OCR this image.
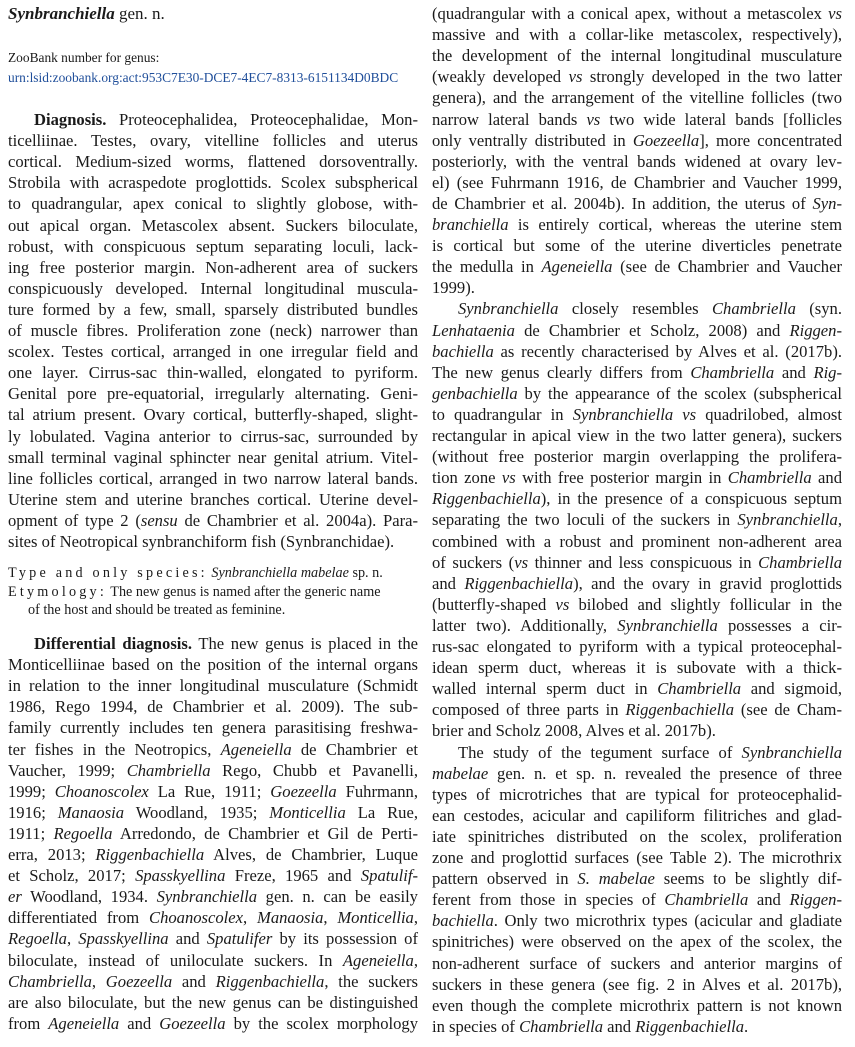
Synbranchiella gen. n.
ZooBank number for genus:
urn:lsid:zoobank.org:act:953C7E30-DCE7-4EC7-8313-6151134D0BDC
Diagnosis. Proteocephalidea, Proteocephalidae, Mon-
ticelliinae. Testes, ovary, vitelline follicles and uterus
cortical. Medium-sized worms, flattened dorsoventrally.
Strobila with acraspedote proglottids. Scolex subspherical
to quadrangular, apex conical to slightly globose, with-
out apical organ. Metascolex absent. Suckers biloculate,
robust, with conspicuous septum separating loculi, lack-
ing free posterior margin. Non-adherent area of suckers
conspicuously developed. Internal longitudinal muscula-
ture formed by a few, small, sparsely distributed bundles
of muscle fibres. Proliferation zone (neck) narrower than
scolex. Testes cortical, arranged in one irregular field and
one layer. Cirrus-sac thin-walled, elongated to pyriform.
Genital pore pre-equatorial, irregularly alternating. Geni-
tal atrium present. Ovary cortical, butterfly-shaped, slight-
ly lobulated. Vagina anterior to cirrus-sac, surrounded by
small terminal vaginal sphincter near genital atrium. Vitel-
line follicles cortical, arranged in two narrow lateral bands.
Uterine stem and uterine branches cortical. Uterine devel-
opment of type 2 (sensu de Chambrier et al. 2004a). Para-
sites of Neotropical synbranchiform fish (Synbranchidae).
Type and only species: Synbranchiella mabelae sp. n.
Etymology: The new genus is named after the generic name
of the host and should be treated as feminine.
Differential diagnosis. The new genus is placed in the
Monticelliinae based on the position of the internal organs
in relation to the inner longitudinal musculature (Schmidt
1986, Rego 1994, de Chambrier et al. 2009). The sub-
family currently includes ten genera parasitising freshwa-
ter fishes in the Neotropics, Ageneiella de Chambrier et
Vaucher, 1999; Chambriella Rego, Chubb et Pavanelli,
1999; Choanoscolex La Rue, 1911; Goezeella Fuhrmann,
1916; Manaosia Woodland, 1935; Monticellia La Rue,
1911; Regoella Arredondo, de Chambrier et Gil de Perti-
erra, 2013; Riggenbachiella Alves, de Chambrier, Luque
et Scholz, 2017; Spasskyellina Freze, 1965 and Spatulif-
er Woodland, 1934. Synbranchiella gen. n. can be easily
differentiated from Choanoscolex, Manaosia, Monticellia,
Regoella, Spasskyellina and Spatulifer by its possession of
biloculate, instead of uniloculate suckers. In Ageneiella,
Chambriella, Goezeella and Riggenbachiella, the suckers
are also biloculate, but the new genus can be distinguished
from Ageneiella and Goezeella by the scolex morphology
(quadrangular with a conical apex, without a metascolex vs
massive and with a collar-like metascolex, respectively),
the development of the internal longitudinal musculature
(weakly developed vs strongly developed in the two latter
genera), and the arrangement of the vitelline follicles (two
narrow lateral bands vs two wide lateral bands [follicles
only ventrally distributed in Goezeella], more concentrated
posteriorly, with the ventral bands widened at ovary lev-
el) (see Fuhrmann 1916, de Chambrier and Vaucher 1999,
de Chambrier et al. 2004b). In addition, the uterus of Syn-
branchiella is entirely cortical, whereas the uterine stem
is cortical but some of the uterine diverticles penetrate
the medulla in Ageneiella (see de Chambrier and Vaucher
1999).
Synbranchiella closely resembles Chambriella (syn.
Lenhataenia de Chambrier et Scholz, 2008) and Riggen-
bachiella as recently characterised by Alves et al. (2017b).
The new genus clearly differs from Chambriella and Rig-
genbachiella by the appearance of the scolex (subspherical
to quadrangular in Synbranchiella vs quadrilobed, almost
rectangular in apical view in the two latter genera), suckers
(without free posterior margin overlapping the prolifera-
tion zone vs with free posterior margin in Chambriella and
Riggenbachiella), in the presence of a conspicuous septum
separating the two loculi of the suckers in Synbranchiella,
combined with a robust and prominent non-adherent area
of suckers (vs thinner and less conspicuous in Chambriella
and Riggenbachiella), and the ovary in gravid proglottids
(butterfly-shaped vs bilobed and slightly follicular in the
latter two). Additionally, Synbranchiella possesses a cir-
rus-sac elongated to pyriform with a typical proteocephal-
idean sperm duct, whereas it is subovate with a thick-
walled internal sperm duct in Chambriella and sigmoid,
composed of three parts in Riggenbachiella (see de Cham-
brier and Scholz 2008, Alves et al. 2017b).
The study of the tegument surface of Synbranchiella
mabelae gen. n. et sp. n. revealed the presence of three
types of microtriches that are typical for proteocephalid-
ean cestodes, acicular and capiliform filitriches and glad-
iate spinitriches distributed on the scolex, proliferation
zone and proglottid surfaces (see Table 2). The microthrix
pattern observed in S. mabelae seems to be slightly dif-
ferent from those in species of Chambriella and Riggen-
bachiella. Only two microthrix types (acicular and gladiate
spinitriches) were observed on the apex of the scolex, the
non-adherent surface of suckers and anterior margins of
suckers in these genera (see fig. 2 in Alves et al. 2017b),
even though the complete microthrix pattern is not known
in species of Chambriella and Riggenbachiella.
